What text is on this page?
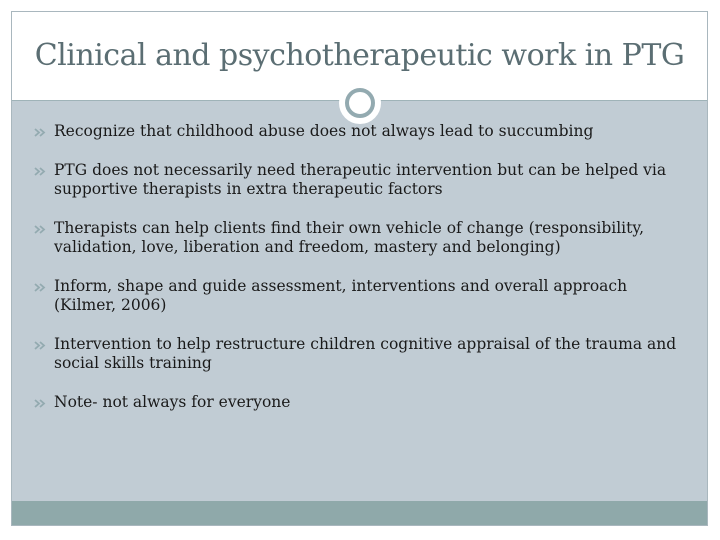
Clinical and psychotherapeutic work in PTG
Recognize that childhood abuse does not always lead to succumbing
PTG does not necessarily need therapeutic intervention but can be helped via supportive therapists in extra therapeutic factors
Therapists can help clients find their own vehicle of change (responsibility, validation, love, liberation and freedom, mastery and belonging)
Inform, shape and guide assessment, interventions and overall approach (Kilmer, 2006)
Intervention to help restructure children cognitive appraisal of the trauma and social skills training
Note- not always for everyone
